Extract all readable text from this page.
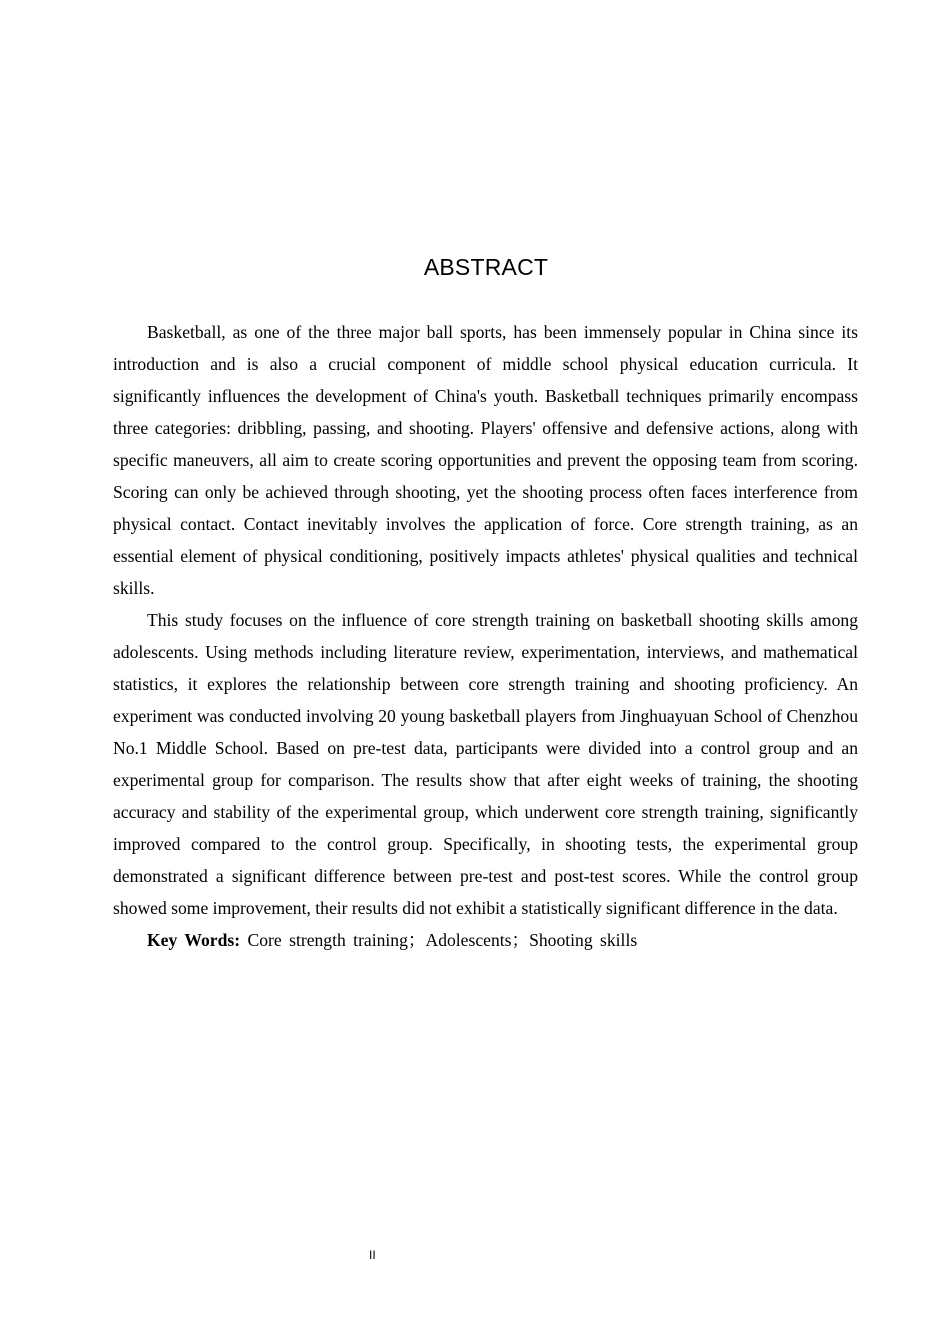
ABSTRACT

Basketball, as one of the three major ball sports, has been immensely popular in China since its introduction and is also a crucial component of middle school physical education curricula. It significantly influences the development of China's youth. Basketball techniques primarily encompass three categories: dribbling, passing, and shooting. Players' offensive and defensive actions, along with specific maneuvers, all aim to create scoring opportunities and prevent the opposing team from scoring. Scoring can only be achieved through shooting, yet the shooting process often faces interference from physical contact. Contact inevitably involves the application of force. Core strength training, as an essential element of physical conditioning, positively impacts athletes' physical qualities and technical skills.

This study focuses on the influence of core strength training on basketball shooting skills among adolescents. Using methods including literature review, experimentation, interviews, and mathematical statistics, it explores the relationship between core strength training and shooting proficiency. An experiment was conducted involving 20 young basketball players from Jinghuayuan School of Chenzhou No.1 Middle School. Based on pre-test data, participants were divided into a control group and an experimental group for comparison. The results show that after eight weeks of training, the shooting accuracy and stability of the experimental group, which underwent core strength training, significantly improved compared to the control group. Specifically, in shooting tests, the experimental group demonstrated a significant difference between pre-test and post-test scores. While the control group showed some improvement, their results did not exhibit a statistically significant difference in the data.

Key Words: Core strength training；Adolescents；Shooting skills

II
